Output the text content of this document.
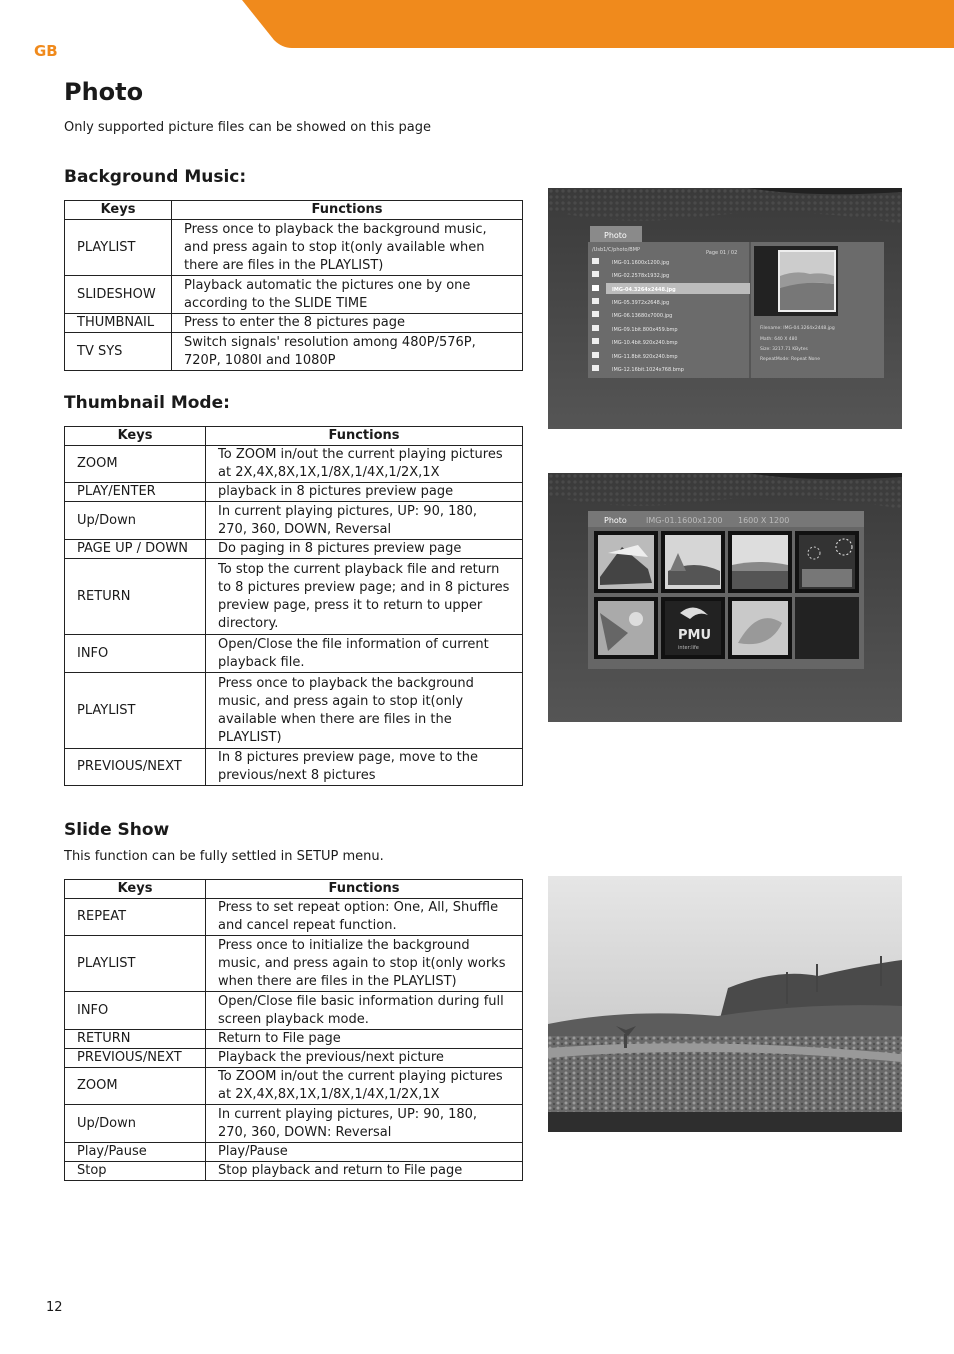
GB
Photo

Only supported picture files can be showed on this page

Background Music:
Keys	Functions
PLAYLIST	Press once to playback the background music, and press again to stop it(only available when there are files in the PLAYLIST)
SLIDESHOW	Playback automatic the pictures one by one according to the SLIDE TIME
THUMBNAIL	Press to enter the 8 pictures page
TV SYS	Switch signals' resolution among 480P/576P, 720P, 1080I and 1080P
Thumbnail Mode:
Keys	Functions
ZOOM	To ZOOM in/out the current playing pictures at 2X,4X,8X,1X,1/8X,1/4X,1/2X,1X
PLAY/ENTER	playback in 8 pictures preview page
Up/Down	In current playing pictures, UP: 90, 180, 270, 360, DOWN, Reversal
PAGE UP / DOWN	Do paging in 8 pictures preview page
RETURN	To stop the current playback file and return to 8 pictures preview page; and in 8 pictures preview page, press it to return to upper directory.
INFO	Open/Close the file information of current playback file.
PLAYLIST	Press once to playback the background music, and press again to stop it(only available when there are files in the PLAYLIST)
PREVIOUS/NEXT	In 8 pictures preview page, move to the previous/next 8 pictures
Slide Show

This function can be fully settled in SETUP menu.

Keys	Functions
REPEAT	Press to set repeat option: One, All, Shuffle and cancel repeat function.
PLAYLIST	Press once to initialize the background music, and press again to stop it(only works when there are files in the PLAYLIST)
INFO	Open/Close file basic information during full screen playback mode.
RETURN	Return to File page
PREVIOUS/NEXT	Playback the previous/next picture
ZOOM	To ZOOM in/out the current playing pictures at 2X,4X,8X,1X,1/8X,1/4X,1/2X,1X
Up/Down	In current playing pictures, UP: 90, 180, 270, 360, DOWN: Reversal
Play/Pause	Play/Pause
Stop	Stop playback and return to File page
Photo
/Usb1/C/photo/BMP	Page 01 / 02
IMG-01.1600x1200.jpg
IMG-02.2578x1932.jpg
IMG-04.3264x2448.jpg
IMG-05.3972x2648.jpg
IMG-06.13680x7000.jpg
IMG-09.1bit.800x459.bmp
IMG-10.4bit.920x240.bmp
IMG-11.8bit.920x240.bmp
IMG-12.16bit.1024x768.bmp
Filename: IMG-04.3264x2448.jpg
Math: 640 X 480
Size: 3217.71 KBytes
RepeatMode: Repeat None
Photo IMG-01.1600x1200 1600 X 1200
PMU
inter:life
12
